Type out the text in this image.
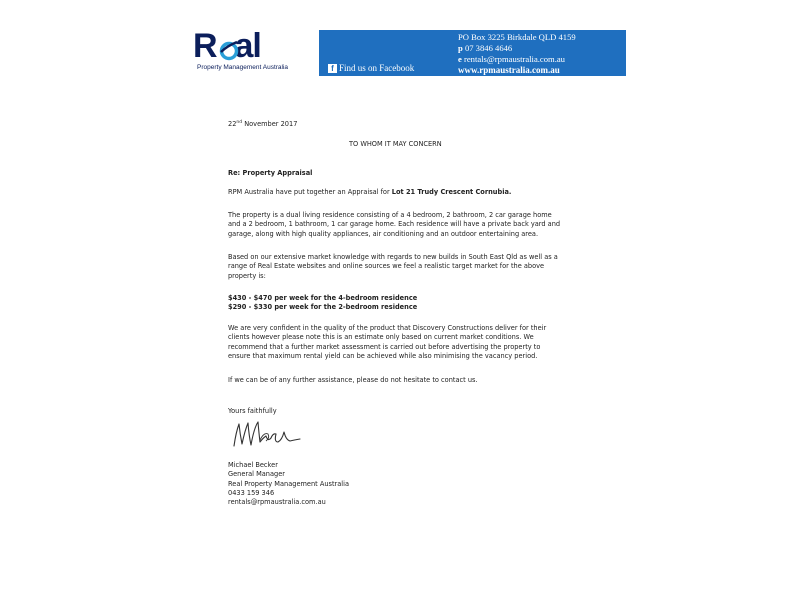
R al
Property Management Australia
PO Box 3225 Birkdale QLD 4159
p 07 3846 4646
e rentals@rpmaustralia.com.au
www.rpmaustralia.com.au
f Find us on Facebook

22nd November 2017

TO WHOM IT MAY CONCERN

Re: Property Appraisal

RPM Australia have put together an Appraisal for Lot 21 Trudy Crescent Cornubia.

The property is a dual living residence consisting of a 4 bedroom, 2 bathroom, 2 car garage home
and a 2 bedroom, 1 bathroom, 1 car garage home. Each residence will have a private back yard and
garage, along with high quality appliances, air conditioning and an outdoor entertaining area.

Based on our extensive market knowledge with regards to new builds in South East Qld as well as a
range of Real Estate websites and online sources we feel a realistic target market for the above
property is:

$430 - $470 per week for the 4-bedroom residence
$290 - $330 per week for the 2-bedroom residence

We are very confident in the quality of the product that Discovery Constructions deliver for their
clients however please note this is an estimate only based on current market conditions. We
recommend that a further market assessment is carried out before advertising the property to
ensure that maximum rental yield can be achieved while also minimising the vacancy period.

If we can be of any further assistance, please do not hesitate to contact us.

Yours faithfully

Michael Becker
General Manager
Real Property Management Australia
0433 159 346
rentals@rpmaustralia.com.au
